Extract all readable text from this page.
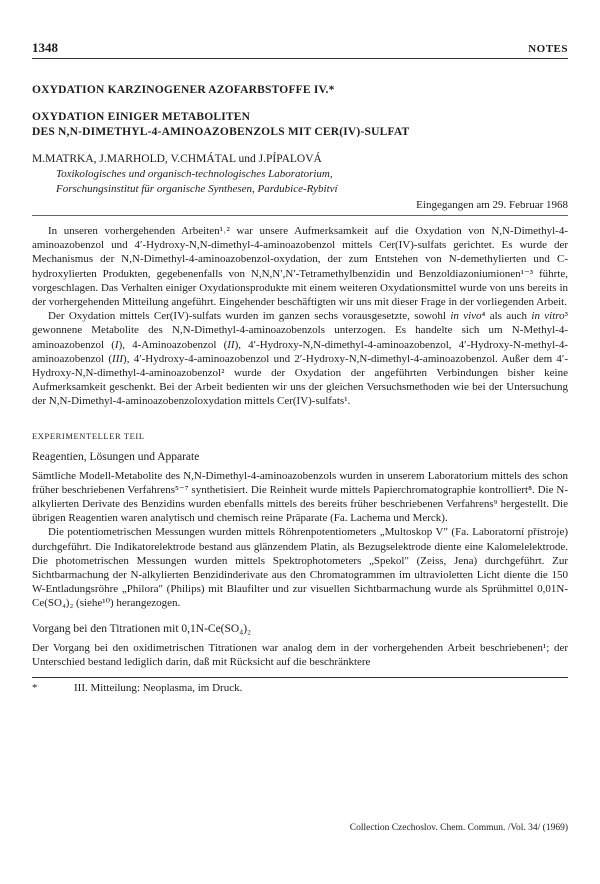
1348	NOTES
OXYDATION KARZINOGENER AZOFARBSTOFFE IV.*
OXYDATION EINIGER METABOLITEN
DES N,N-DIMETHYL-4-AMINOAZOBENZOLS MIT CER(IV)-SULFAT
M.MATRKA, J.MARHOLD, V.CHMÁTAL und J.PÍPALOVÁ
Toxikologisches und organisch-technologisches Laboratorium,
Forschungsinstitut für organische Synthesen, Pardubice-Rybitví
Eingegangen am 29. Februar 1968

In unseren vorhergehenden Arbeiten¹˒² war unsere Aufmerksamkeit auf die Oxydation von N,N-Dimethyl-4-aminoazobenzol und 4′-Hydroxy-N,N-dimethyl-4-aminoazobenzol mittels Cer(IV)-sulfats gerichtet. Es wurde der Mechanismus der N,N-Dimethyl-4-aminoazobenzol-oxydation, der zum Entstehen von N-demethylierten und C-hydroxylierten Produkten, gegebenenfalls von N,N,N′,N′-Tetramethylbenzidin und Benzoldiazoniumionen¹⁻³ führte, vorgeschlagen. Das Verhalten einiger Oxydationsprodukte mit einem weiteren Oxydationsmittel wurde von uns bereits in der vorhergehenden Mitteilung angeführt. Eingehender beschäftigten wir uns mit dieser Frage in der vorliegenden Arbeit.

Der Oxydation mittels Cer(IV)-sulfats wurden im ganzen sechs vorausgesetzte, sowohl in vivo⁴ als auch in vitro³ gewonnene Metabolite des N,N-Dimethyl-4-aminoazobenzols unterzogen. Es handelte sich um N-Methyl-4-aminoazobenzol (I), 4-Aminoazobenzol (II), 4′-Hydroxy-N,N-dimethyl-4-aminoazobenzol, 4′-Hydroxy-N-methyl-4-aminoazobenzol (III), 4′-Hydroxy-4-aminoazobenzol und 2′-Hydroxy-N,N-dimethyl-4-aminoazobenzol. Außer dem 4′-Hydroxy-N,N-dimethyl-4-aminoazobenzol² wurde der Oxydation der angeführten Verbindungen bisher keine Aufmerksamkeit geschenkt. Bei der Arbeit bedienten wir uns der gleichen Versuchsmethoden wie bei der Untersuchung der N,N-Dimethyl-4-aminoazobenzoloxydation mittels Cer(IV)-sulfats¹.

EXPERIMENTELLER TEIL
Reagentien, Lösungen und Apparate

Sämtliche Modell-Metabolite des N,N-Dimethyl-4-aminoazobenzols wurden in unserem Laboratorium mittels des schon früher beschriebenen Verfahrens⁵⁻⁷ synthetisiert. Die Reinheit wurde mittels Papierchromatographie kontrolliert⁸. Die N-alkylierten Derivate des Benzidins wurden ebenfalls mittels des bereits früher beschriebenen Verfahrens⁹ hergestellt. Die übrigen Reagentien waren analytisch und chemisch reine Präparate (Fa. Lachema und Merck).

Die potentiometrischen Messungen wurden mittels Röhrenpotentiometers „Multoskop V" (Fa. Laboratorní přístroje) durchgeführt. Die Indikatorelektrode bestand aus glänzendem Platin, als Bezugselektrode diente eine Kalomelelektrode. Die photometrischen Messungen wurden mittels Spektrophotometers „Spekol" (Zeiss, Jena) durchgeführt. Zur Sichtbarmachung der N-alkylierten Benzidinderivate aus den Chromatogrammen im ultravioletten Licht diente die 150 W-Entladungsröhre „Philora" (Philips) mit Blaufilter und zur visuellen Sichtbarmachung wurde als Sprühmittel 0,01N-Ce(SO₄)₂ (siehe¹⁰) herangezogen.

Vorgang bei den Titrationen mit 0,1N-Ce(SO₄)₂

Der Vorgang bei den oxidimetrischen Titrationen war analog dem in der vorhergehenden Arbeit beschriebenen¹; der Unterschied bestand lediglich darin, daß mit Rücksicht auf die beschränktere

*	III. Mitteilung: Neoplasma, im Druck.
Collection Czechoslov. Chem. Commun. /Vol. 34/ (1969)
